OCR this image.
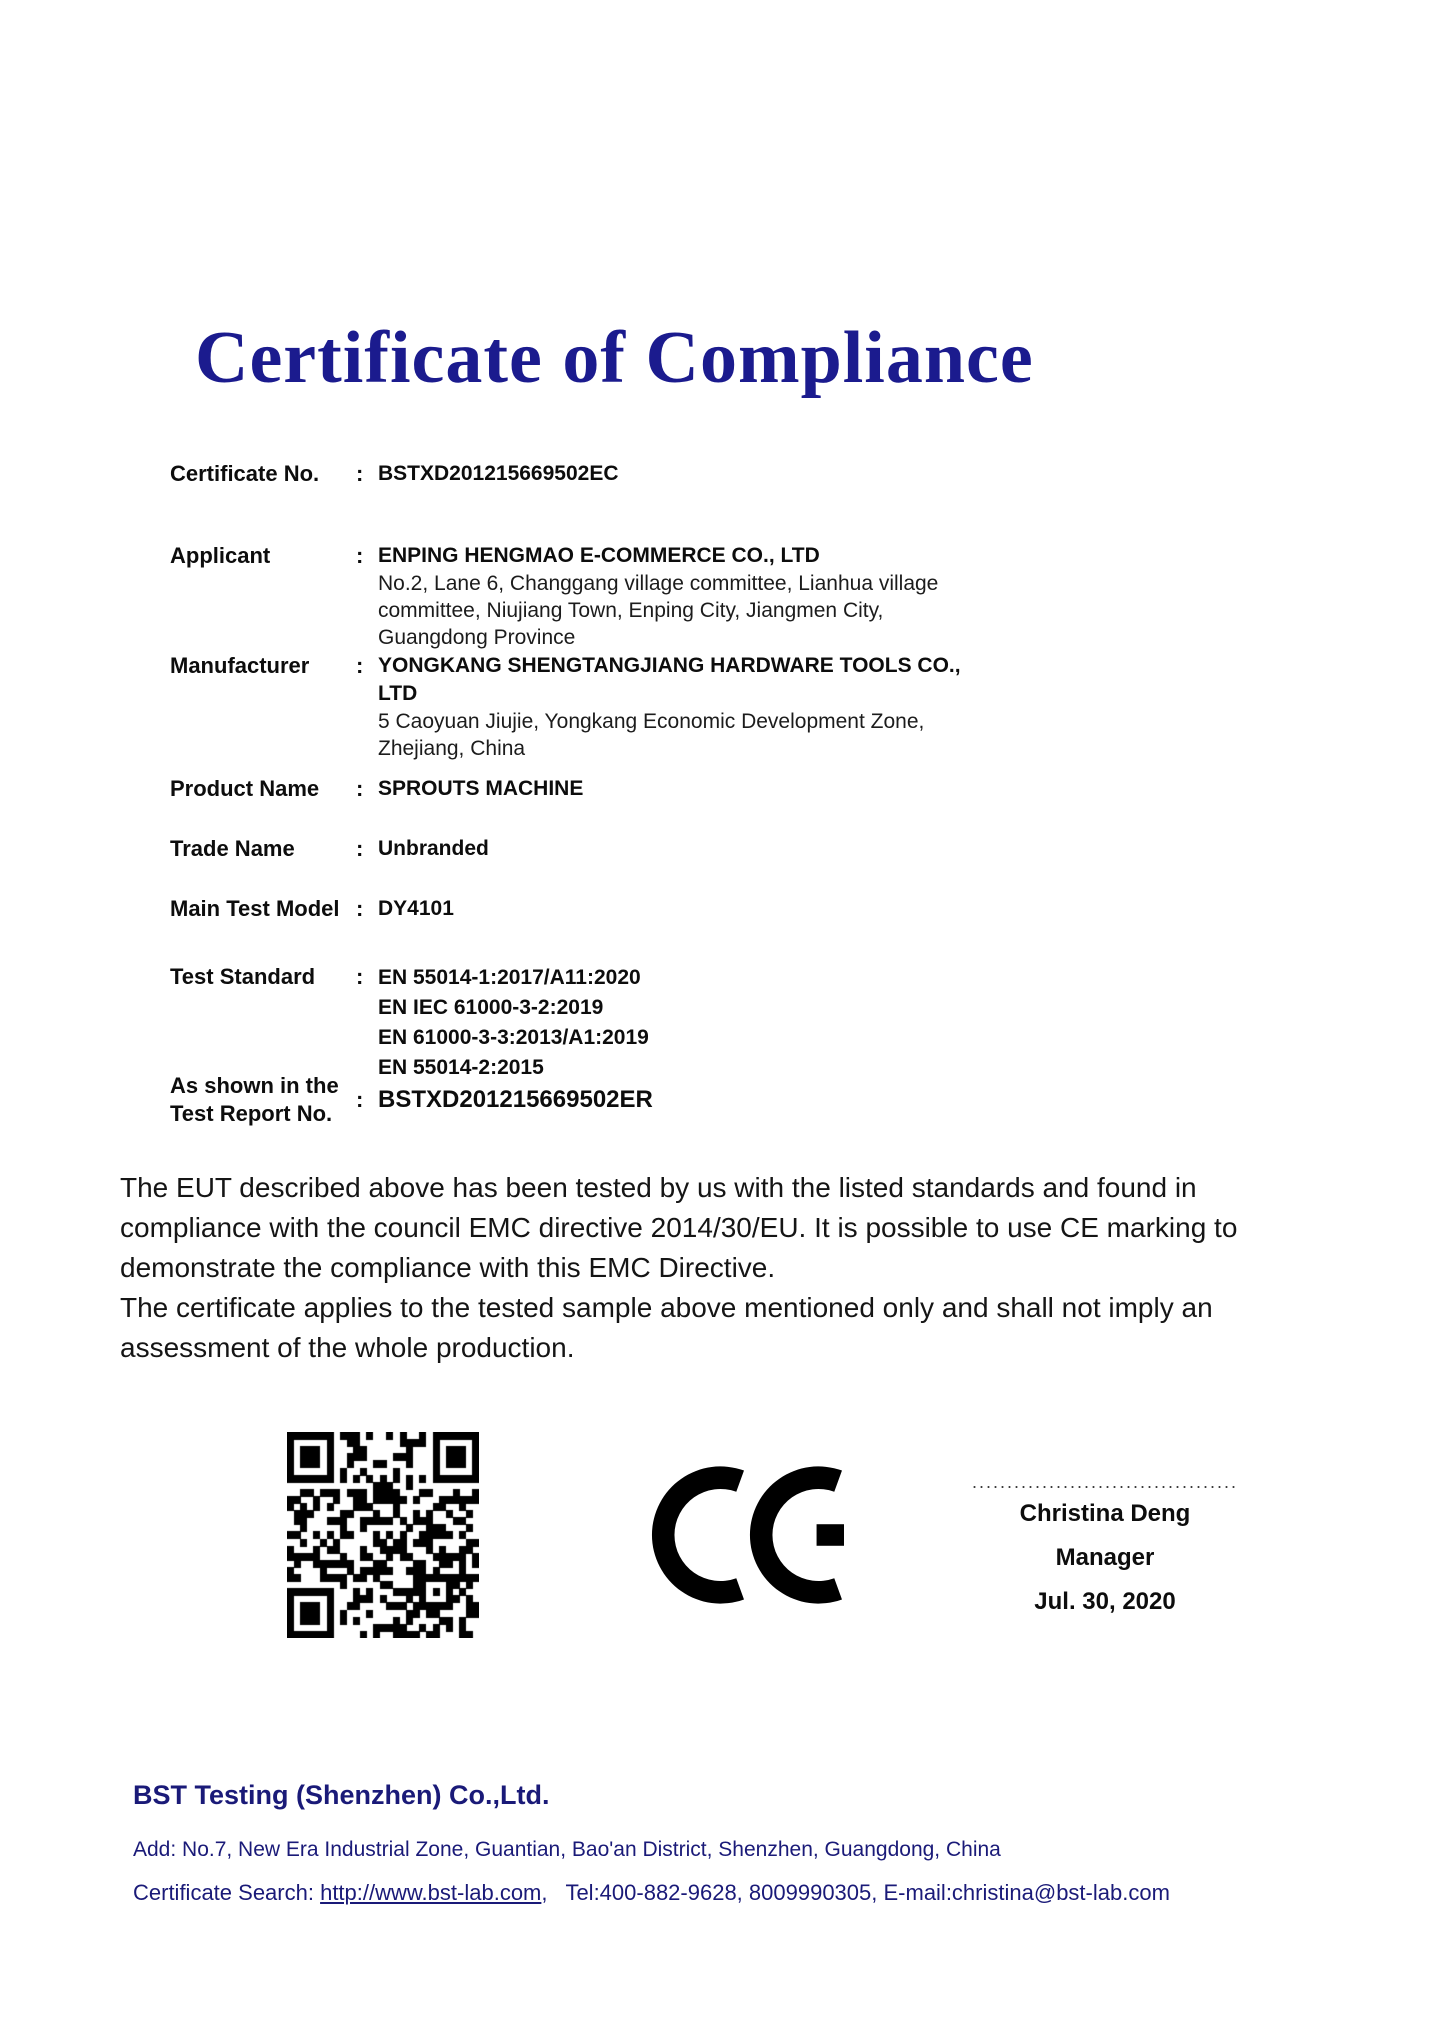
Certificate of Compliance
Certificate No.	: BSTXD201215669502EC
Applicant	: ENPING HENGMAO E-COMMERCE CO., LTD
No.2, Lane 6, Changgang village committee, Lianhua village committee, Niujiang Town, Enping City, Jiangmen City, Guangdong Province
Manufacturer	: YONGKANG SHENGTANGJIANG HARDWARE TOOLS CO., LTD
5 Caoyuan Jiujie, Yongkang Economic Development Zone, Zhejiang, China
Product Name	: SPROUTS MACHINE
Trade Name	: Unbranded
Main Test Model : DY4101
Test Standard	: EN 55014-1:2017/A11:2020
EN IEC 61000-3-2:2019
EN 61000-3-3:2013/A1:2019
EN 55014-2:2015
As shown in the
Test Report No.
: BSTXD201215669502ER
The EUT described above has been tested by us with the listed standards and found in compliance with the council EMC directive 2014/30/EU. It is possible to use CE marking to demonstrate the compliance with this EMC Directive.
The certificate applies to the tested sample above mentioned only and shall not imply an assessment of the whole production.
......................................
Christina Deng
Manager
Jul. 30, 2020
BST Testing (Shenzhen) Co.,Ltd.
Add: No.7, New Era Industrial Zone, Guantian, Bao'an District, Shenzhen, Guangdong, China
Certificate Search: http://www.bst-lab.com,   Tel:400-882-9628, 8009990305, E-mail:christina@bst-lab.com
